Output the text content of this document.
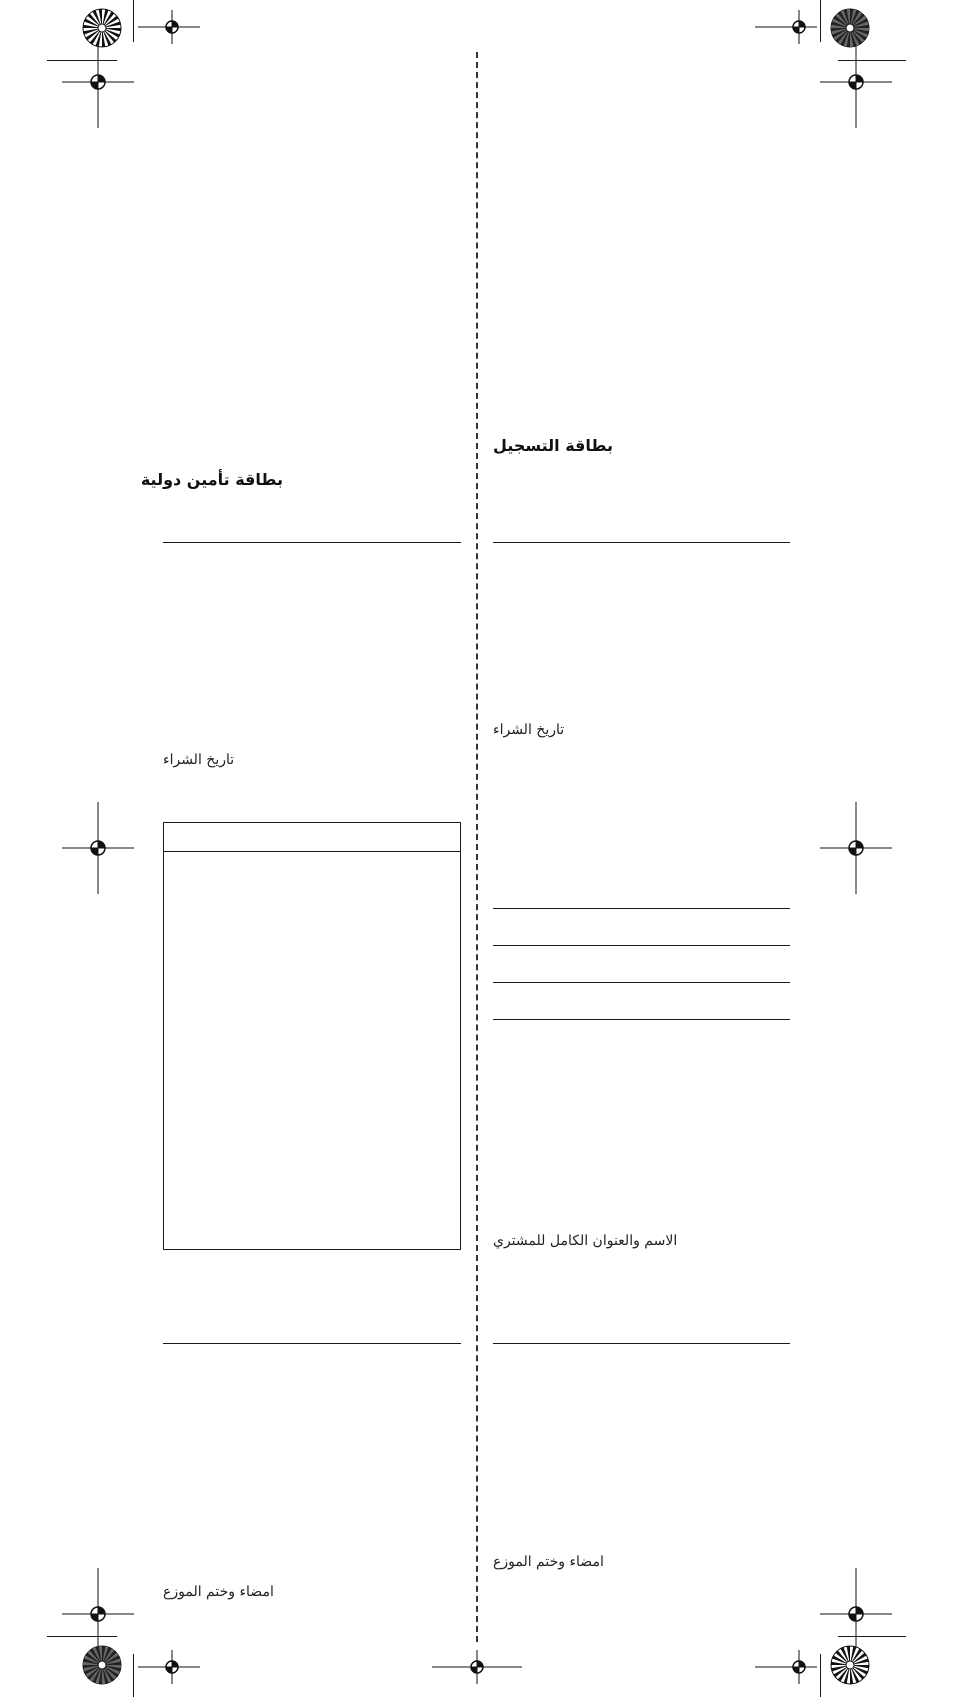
بطاقة تأمين دولية
تاريخ الشراء
امضاء وختم الموزع
بطاقة التسجيل
تاريخ الشراء
الاسم والعنوان الكامل للمشتري
امضاء وختم الموزع
